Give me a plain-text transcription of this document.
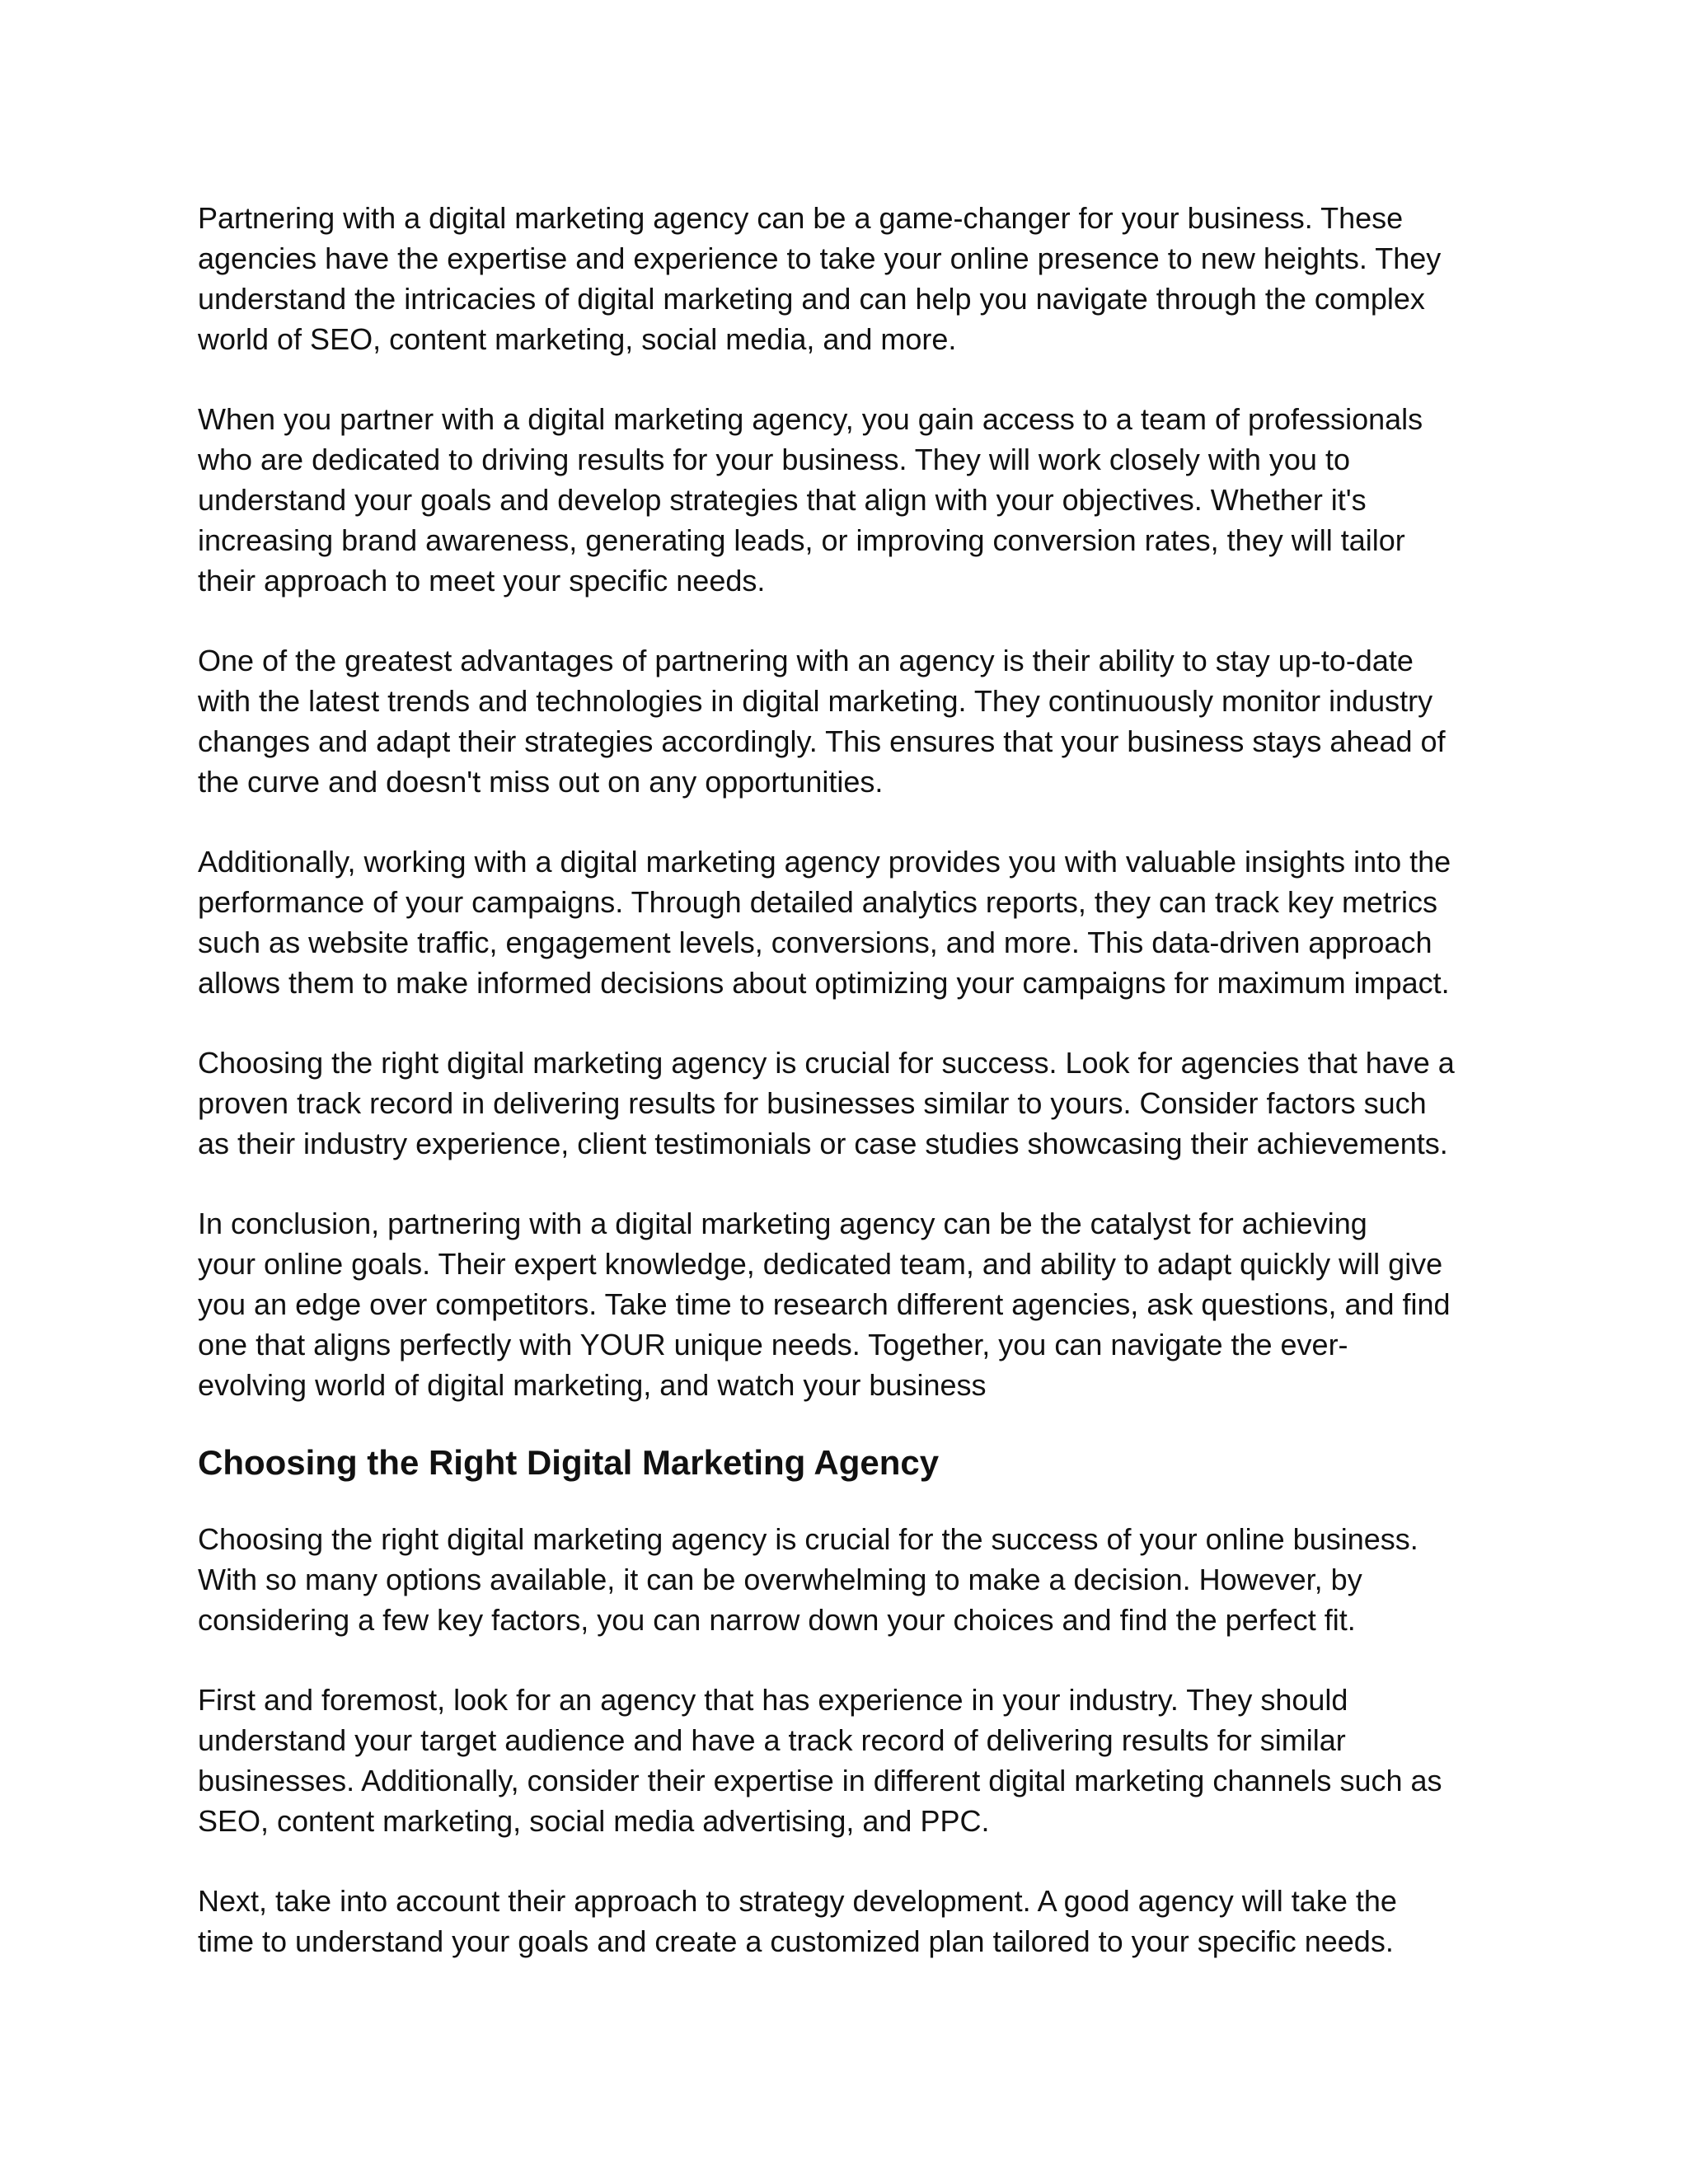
Partnering with a digital marketing agency can be a game-changer for your business. These
agencies have the expertise and experience to take your online presence to new heights. They
understand the intricacies of digital marketing and can help you navigate through the complex
world of SEO, content marketing, social media, and more.

When you partner with a digital marketing agency, you gain access to a team of professionals
who are dedicated to driving results for your business. They will work closely with you to
understand your goals and develop strategies that align with your objectives. Whether it's
increasing brand awareness, generating leads, or improving conversion rates, they will tailor
their approach to meet your specific needs.

One of the greatest advantages of partnering with an agency is their ability to stay up-to-date
with the latest trends and technologies in digital marketing. They continuously monitor industry
changes and adapt their strategies accordingly. This ensures that your business stays ahead of
the curve and doesn't miss out on any opportunities.

Additionally, working with a digital marketing agency provides you with valuable insights into the
performance of your campaigns. Through detailed analytics reports, they can track key metrics
such as website traffic, engagement levels, conversions, and more. This data-driven approach
allows them to make informed decisions about optimizing your campaigns for maximum impact.

Choosing the right digital marketing agency is crucial for success. Look for agencies that have a
proven track record in delivering results for businesses similar to yours. Consider factors such
as their industry experience, client testimonials or case studies showcasing their achievements.

In conclusion, partnering with a digital marketing agency can be the catalyst for achieving
your online goals. Their expert knowledge, dedicated team, and ability to adapt quickly will give
you an edge over competitors. Take time to research different agencies, ask questions, and find
one that aligns perfectly with YOUR unique needs. Together, you can navigate the ever-
evolving world of digital marketing, and watch your business

Choosing the Right Digital Marketing Agency

Choosing the right digital marketing agency is crucial for the success of your online business.
With so many options available, it can be overwhelming to make a decision. However, by
considering a few key factors, you can narrow down your choices and find the perfect fit.

First and foremost, look for an agency that has experience in your industry. They should
understand your target audience and have a track record of delivering results for similar
businesses. Additionally, consider their expertise in different digital marketing channels such as
SEO, content marketing, social media advertising, and PPC.

Next, take into account their approach to strategy development. A good agency will take the
time to understand your goals and create a customized plan tailored to your specific needs.
